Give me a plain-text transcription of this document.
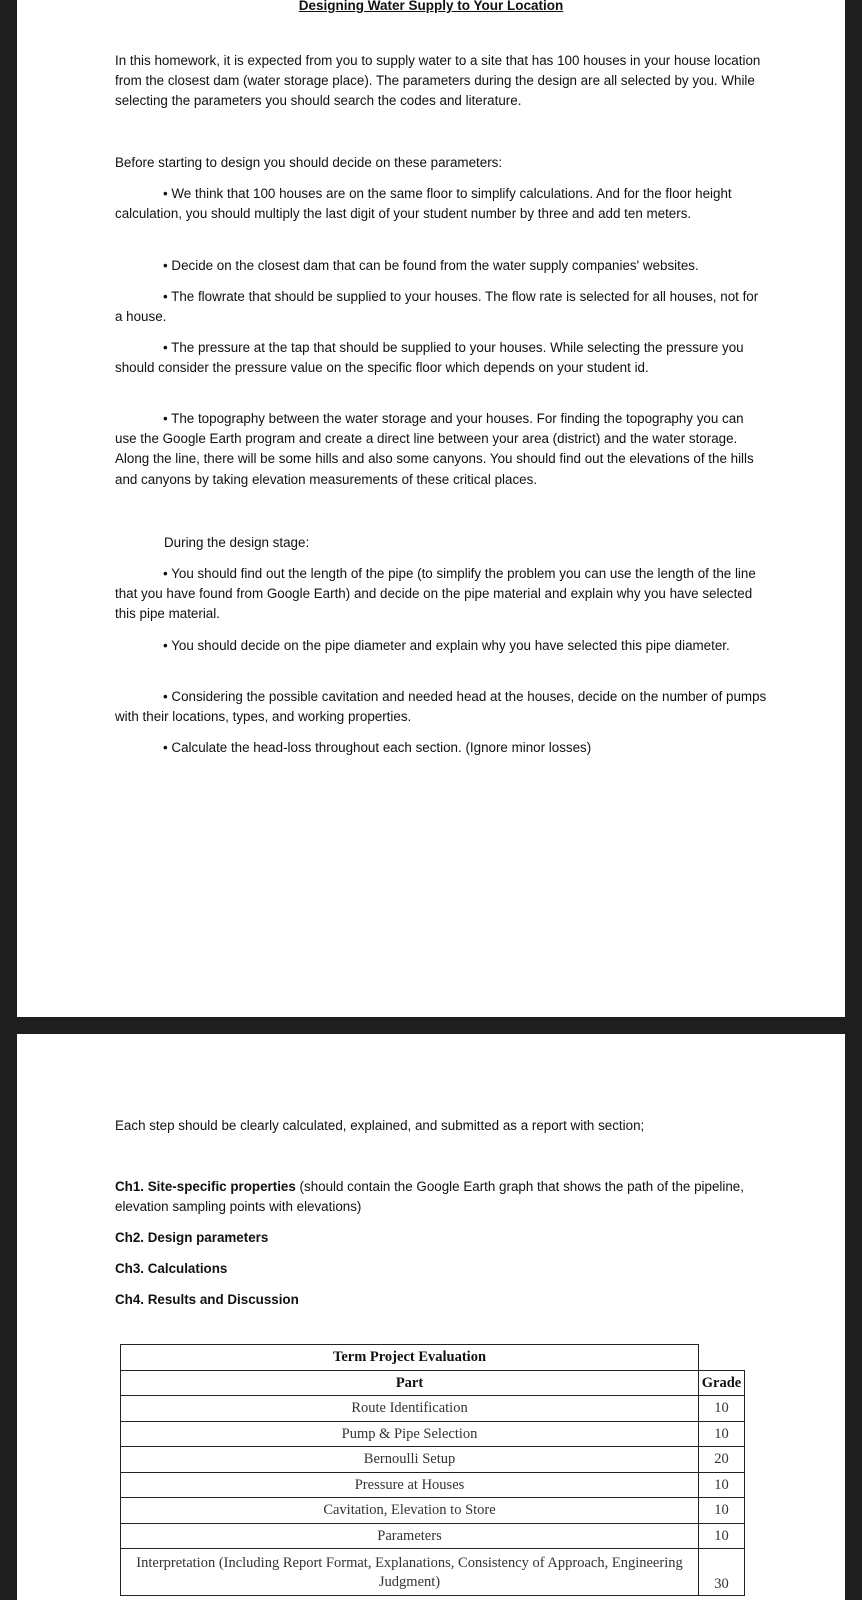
Designing Water Supply to Your Location

In this homework, it is expected from you to supply water to a site that has 100 houses in your house location from the closest dam (water storage place). The parameters during the design are all selected by you. While selecting the parameters you should search the codes and literature.

Before starting to design you should decide on these parameters:

• We think that 100 houses are on the same floor to simplify calculations. And for the floor height calculation, you should multiply the last digit of your student number by three and add ten meters.

• Decide on the closest dam that can be found from the water supply companies' websites.

• The flowrate that should be supplied to your houses. The flow rate is selected for all houses, not for a house.

• The pressure at the tap that should be supplied to your houses. While selecting the pressure you should consider the pressure value on the specific floor which depends on your student id.

• The topography between the water storage and your houses. For finding the topography you can use the Google Earth program and create a direct line between your area (district) and the water storage. Along the line, there will be some hills and also some canyons. You should find out the elevations of the hills and canyons by taking elevation measurements of these critical places.

During the design stage:

• You should find out the length of the pipe (to simplify the problem you can use the length of the line that you have found from Google Earth) and decide on the pipe material and explain why you have selected this pipe material.

• You should decide on the pipe diameter and explain why you have selected this pipe diameter.

• Considering the possible cavitation and needed head at the houses, decide on the number of pumps with their locations, types, and working properties.

• Calculate the head-loss throughout each section. (Ignore minor losses)

Each step should be clearly calculated, explained, and submitted as a report with section;

Ch1. Site-specific properties (should contain the Google Earth graph that shows the path of the pipeline, elevation sampling points with elevations)

Ch2. Design parameters

Ch3. Calculations

Ch4. Results and Discussion

Term Project Evaluation	
Part	Grade
Route Identification	10
Pump & Pipe Selection	10
Bernoulli Setup	20
Pressure at Houses	10
Cavitation, Elevation to Store	10
Parameters	10
Interpretation (Including Report Format, Explanations, Consistency of Approach, Engineering Judgment)	30
